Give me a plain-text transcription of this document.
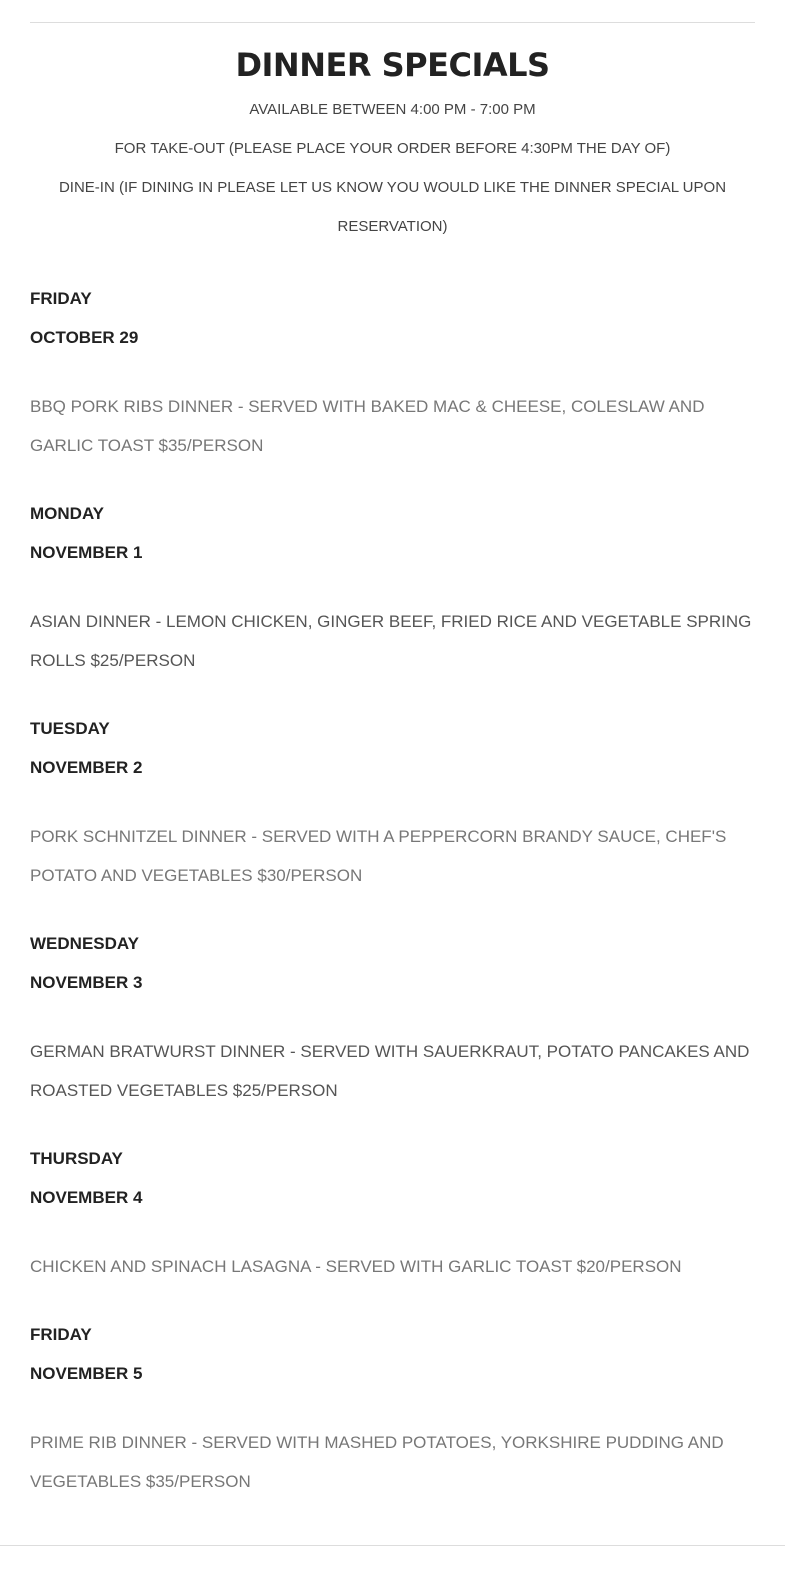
DINNER SPECIALS

AVAILABLE BETWEEN 4:00 PM - 7:00 PM

FOR TAKE-OUT (PLEASE PLACE YOUR ORDER BEFORE 4:30PM THE DAY OF)

DINE-IN (IF DINING IN PLEASE LET US KNOW YOU WOULD LIKE THE DINNER SPECIAL UPON RESERVATION)

FRIDAY
OCTOBER 29
BBQ PORK RIBS DINNER - SERVED WITH BAKED MAC & CHEESE, COLESLAW AND GARLIC TOAST $35/PERSON
MONDAY
NOVEMBER 1
ASIAN DINNER - LEMON CHICKEN, GINGER BEEF, FRIED RICE AND VEGETABLE SPRING ROLLS $25/PERSON
TUESDAY
NOVEMBER 2
PORK SCHNITZEL DINNER - SERVED WITH A PEPPERCORN BRANDY SAUCE, CHEF'S POTATO AND VEGETABLES $30/PERSON
WEDNESDAY
NOVEMBER 3
GERMAN BRATWURST DINNER - SERVED WITH SAUERKRAUT, POTATO PANCAKES AND ROASTED VEGETABLES $25/PERSON
THURSDAY
NOVEMBER 4
CHICKEN AND SPINACH LASAGNA - SERVED WITH GARLIC TOAST $20/PERSON
FRIDAY
NOVEMBER 5
PRIME RIB DINNER - SERVED WITH MASHED POTATOES, YORKSHIRE PUDDING AND VEGETABLES $35/PERSON
